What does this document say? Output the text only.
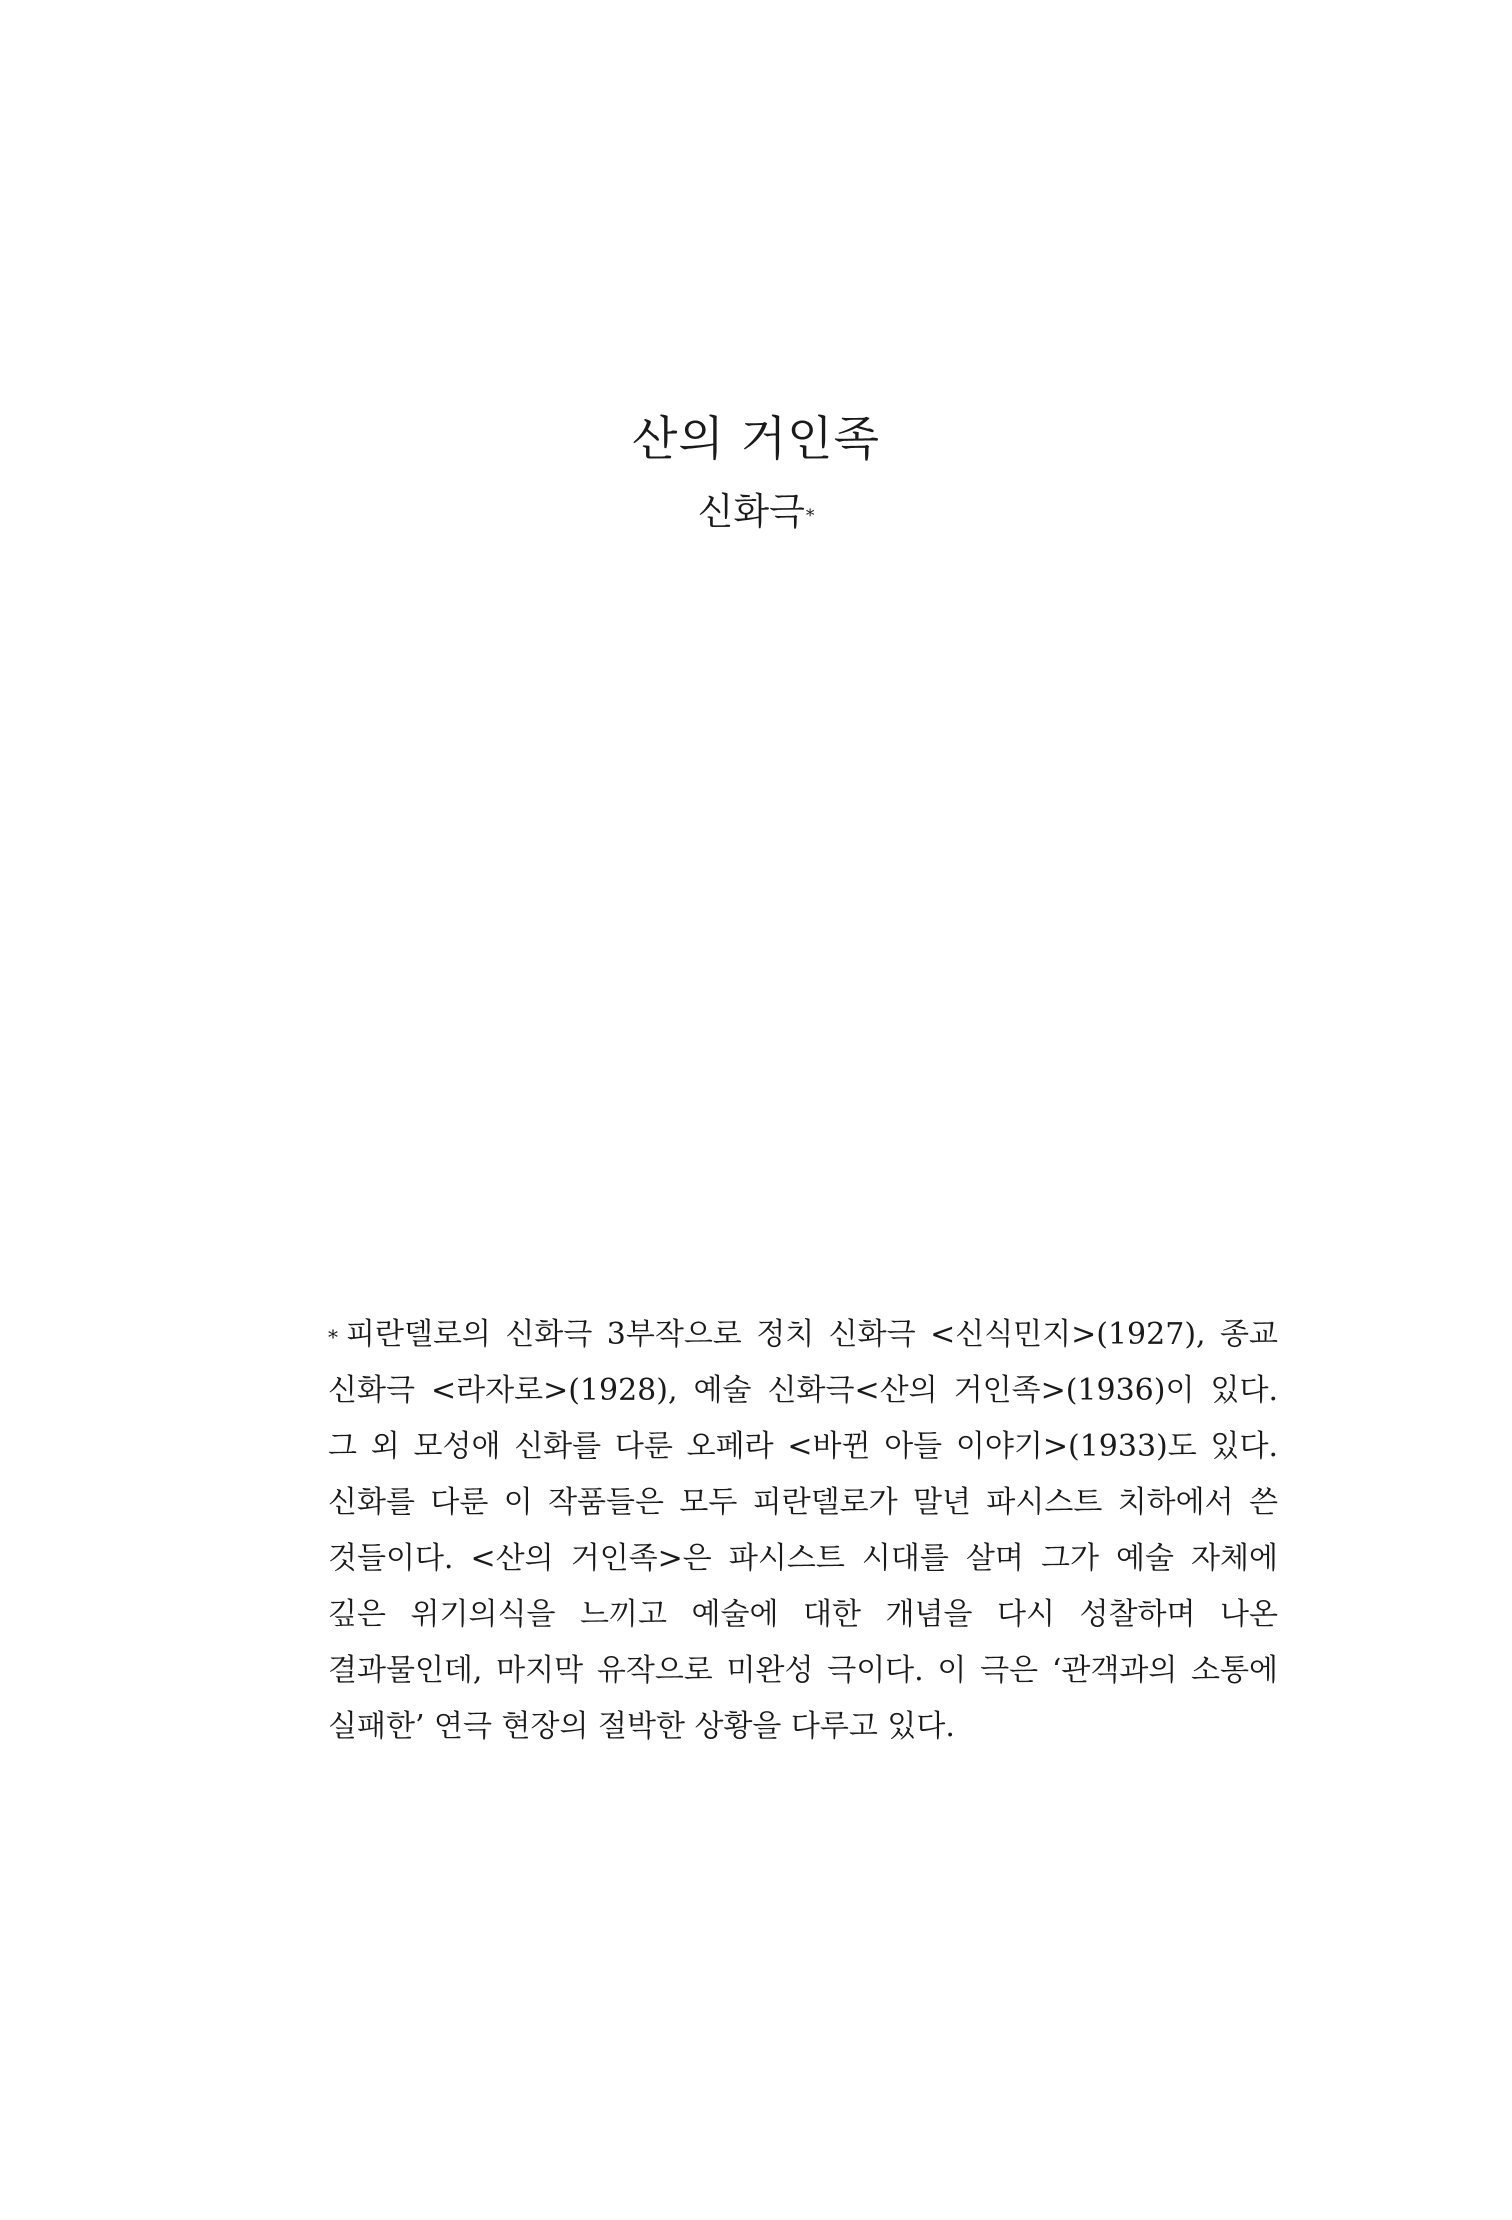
산의 거인족

신화극*

* 피란델로의 신화극 3부작으로 정치 신화극 <신식민지>(1927), 종교 신화극 <라자로>(1928), 예술 신화극<산의 거인족>(1936)이 있다. 그 외 모성애 신화를 다룬 오페라 <바뀐 아들 이야기>(1933)도 있다. 신화를 다룬 이 작품들은 모두 피란델로가 말년 파시스트 치하에서 쓴 것들이다. <산의 거인족>은 파시스트 시대를 살며 그가 예술 자체에 깊은 위기의식을 느끼고 예술에 대한 개념을 다시 성찰하며 나온 결과물인데, 마지막 유작으로 미완성 극이다. 이 극은 ‘관객과의 소통에 실패한’ 연극 현장의 절박한 상황을 다루고 있다.
